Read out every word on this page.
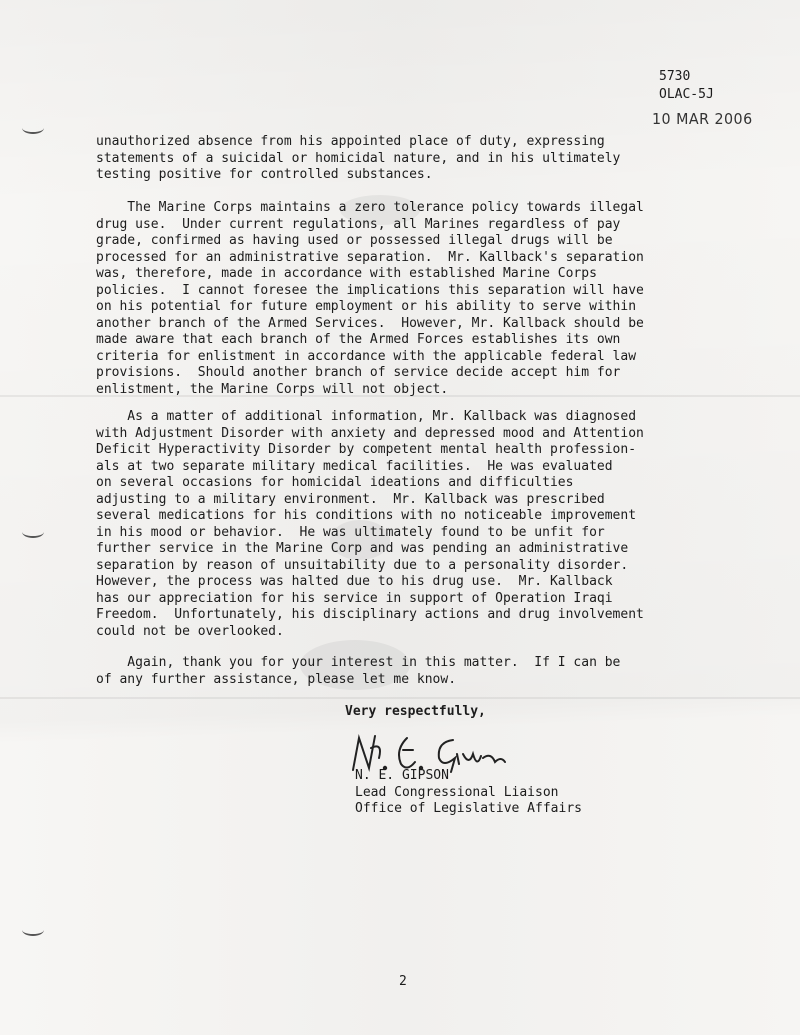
5730
OLAC-5J
10 MAR 2006

unauthorized absence from his appointed place of duty, expressing
statements of a suicidal or homicidal nature, and in his ultimately
testing positive for controlled substances.

The Marine Corps maintains a zero tolerance policy towards illegal
drug use.  Under current regulations, all Marines regardless of pay
grade, confirmed as having used or possessed illegal drugs will be
processed for an administrative separation.  Mr. Kallback's separation
was, therefore, made in accordance with established Marine Corps
policies.  I cannot foresee the implications this separation will have
on his potential for future employment or his ability to serve within
another branch of the Armed Services.  However, Mr. Kallback should be
made aware that each branch of the Armed Forces establishes its own
criteria for enlistment in accordance with the applicable federal law
provisions.  Should another branch of service decide accept him for
enlistment, the Marine Corps will not object.

As a matter of additional information, Mr. Kallback was diagnosed
with Adjustment Disorder with anxiety and depressed mood and Attention
Deficit Hyperactivity Disorder by competent mental health profession-
als at two separate military medical facilities.  He was evaluated
on several occasions for homicidal ideations and difficulties
adjusting to a military environment.  Mr. Kallback was prescribed
several medications for his conditions with no noticeable improvement
in his mood or behavior.  He was ultimately found to be unfit for
further service in the Marine Corp and was pending an administrative
separation by reason of unsuitability due to a personality disorder.
However, the process was halted due to his drug use.  Mr. Kallback
has our appreciation for his service in support of Operation Iraqi
Freedom.  Unfortunately, his disciplinary actions and drug involvement
could not be overlooked.

Again, thank you for your interest in this matter.  If I can be
of any further assistance, please let me know.

Very respectfully,

N. E. GIPSON
Lead Congressional Liaison
Office of Legislative Affairs
2
